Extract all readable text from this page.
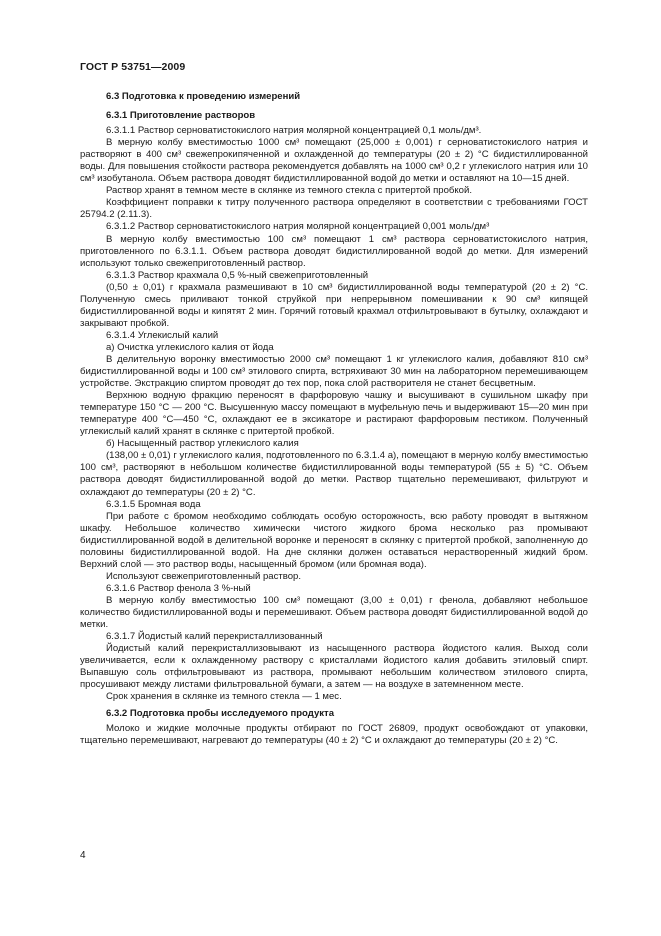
ГОСТ Р 53751—2009

6.3 Подготовка к проведению измерений

6.3.1 Приготовление растворов

6.3.1.1 Раствор серноватистокислого натрия молярной концентрацией 0,1 моль/дм³.

В мерную колбу вместимостью 1000 см³ помещают (25,000 ± 0,001) г серноватистокислого натрия и растворяют в 400 см³ свежепрокипяченной и охлажденной до температуры (20 ± 2) °С бидистиллированной воды. Для повышения стойкости раствора рекомендуется добавлять на 1000 см³ 0,2 г углекислого натрия или 10 см³ изобутанола. Объем раствора доводят бидистиллированной водой до метки и оставляют на 10—15 дней.

Раствор хранят в темном месте в склянке из темного стекла с притертой пробкой.

Коэффициент поправки к титру полученного раствора определяют в соответствии с требованиями ГОСТ 25794.2 (2.11.3).

6.3.1.2 Раствор серноватистокислого натрия молярной концентрацией 0,001 моль/дм³

В мерную колбу вместимостью 100 см³ помещают 1 см³ раствора серноватистокислого натрия, приготовленного по 6.3.1.1. Объем раствора доводят бидистиллированной водой до метки. Для измерений используют только свежеприготовленный раствор.

6.3.1.3 Раствор крахмала 0,5 %-ный свежеприготовленный

(0,50 ± 0,01) г крахмала размешивают в 10 см³ бидистиллированной воды температурой (20 ± 2) °С. Полученную смесь приливают тонкой струйкой при непрерывном помешивании к 90 см³ кипящей бидистиллированной воды и кипятят 2 мин. Горячий готовый крахмал отфильтровывают в бутылку, охлаждают и закрывают пробкой.

6.3.1.4 Углекислый калий

а) Очистка углекислого калия от йода

В делительную воронку вместимостью 2000 см³ помещают 1 кг углекислого калия, добавляют 810 см³ бидистиллированной воды и 100 см³ этилового спирта, встряхивают 30 мин на лабораторном перемешивающем устройстве. Экстракцию спиртом проводят до тех пор, пока слой растворителя не станет бесцветным.

Верхнюю водную фракцию переносят в фарфоровую чашку и высушивают в сушильном шкафу при температуре 150 °С — 200 °С. Высушенную массу помещают в муфельную печь и выдерживают 15—20 мин при температуре 400 °С—450 °С, охлаждают ее в эксикаторе и растирают фарфоровым пестиком. Полученный углекислый калий хранят в склянке с притертой пробкой.

б) Насыщенный раствор углекислого калия

(138,00 ± 0,01) г углекислого калия, подготовленного по 6.3.1.4 а), помещают в мерную колбу вместимостью 100 см³, растворяют в небольшом количестве бидистиллированной воды температурой (55 ± 5) °С. Объем раствора доводят бидистиллированной водой до метки. Раствор тщательно перемешивают, фильтруют и охлаждают до температуры (20 ± 2) °С.

6.3.1.5 Бромная вода

При работе с бромом необходимо соблюдать особую осторожность, всю работу проводят в вытяжном шкафу. Небольшое количество химически чистого жидкого брома несколько раз промывают бидистиллированной водой в делительной воронке и переносят в склянку с притертой пробкой, заполненную до половины бидистиллированной водой. На дне склянки должен оставаться нерастворенный жидкий бром. Верхний слой — это раствор воды, насыщенный бромом (или бромная вода).

Используют свежеприготовленный раствор.

6.3.1.6 Раствор фенола 3 %-ный

В мерную колбу вместимостью 100 см³ помещают (3,00 ± 0,01) г фенола, добавляют небольшое количество бидистиллированной воды и перемешивают. Объем раствора доводят бидистиллированной водой до метки.

6.3.1.7 Йодистый калий перекристаллизованный

Йодистый калий перекристаллизовывают из насыщенного раствора йодистого калия. Выход соли увеличивается, если к охлажденному раствору с кристаллами йодистого калия добавить этиловый спирт. Выпавшую соль отфильтровывают из раствора, промывают небольшим количеством этилового спирта, просушивают между листами фильтровальной бумаги, а затем — на воздухе в затемненном месте.

Срок хранения в склянке из темного стекла — 1 мес.

6.3.2 Подготовка пробы исследуемого продукта

Молоко и жидкие молочные продукты отбирают по ГОСТ 26809, продукт освобождают от упаковки, тщательно перемешивают, нагревают до температуры (40 ± 2) °С и охлаждают до температуры (20 ± 2) °С.

4
